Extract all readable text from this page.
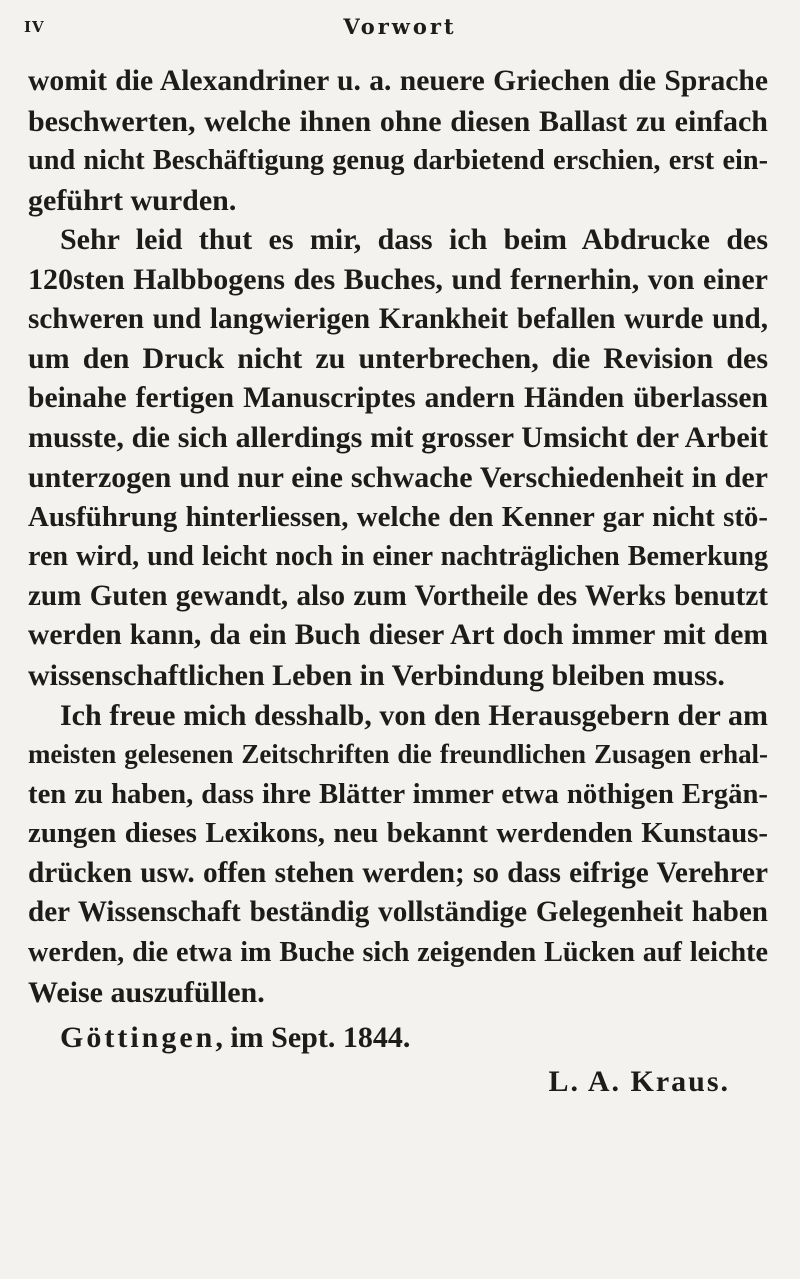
IV	Vorwort

womit die Alexandriner u. a. neuere Griechen die Sprache
beschwerten, welche ihnen ohne diesen Ballast zu einfach
und nicht Beschäftigung genug darbietend erschien, erst ein-
geführt wurden.

Sehr leid thut es mir, dass ich beim Abdrucke des
120sten Halbbogens des Buches, und fernerhin, von einer
schweren und langwierigen Krankheit befallen wurde und,
um den Druck nicht zu unterbrechen, die Revision des
beinahe fertigen Manuscriptes andern Händen überlassen
musste, die sich allerdings mit grosser Umsicht der Arbeit
unterzogen und nur eine schwache Verschiedenheit in der
Ausführung hinterliessen, welche den Kenner gar nicht stö-
ren wird, und leicht noch in einer nachträglichen Bemerkung
zum Guten gewandt, also zum Vortheile des Werks benutzt
werden kann, da ein Buch dieser Art doch immer mit dem
wissenschaftlichen Leben in Verbindung bleiben muss.

Ich freue mich desshalb, von den Herausgebern der am
meisten gelesenen Zeitschriften die freundlichen Zusagen erhal-
ten zu haben, dass ihre Blätter immer etwa nöthigen Ergän-
zungen dieses Lexikons, neu bekannt werdenden Kunstaus-
drücken usw. offen stehen werden; so dass eifrige Verehrer
der Wissenschaft beständig vollständige Gelegenheit haben
werden, die etwa im Buche sich zeigenden Lücken auf leichte
Weise auszufüllen.

Göttingen, im Sept. 1844.
L. A. Kraus.
